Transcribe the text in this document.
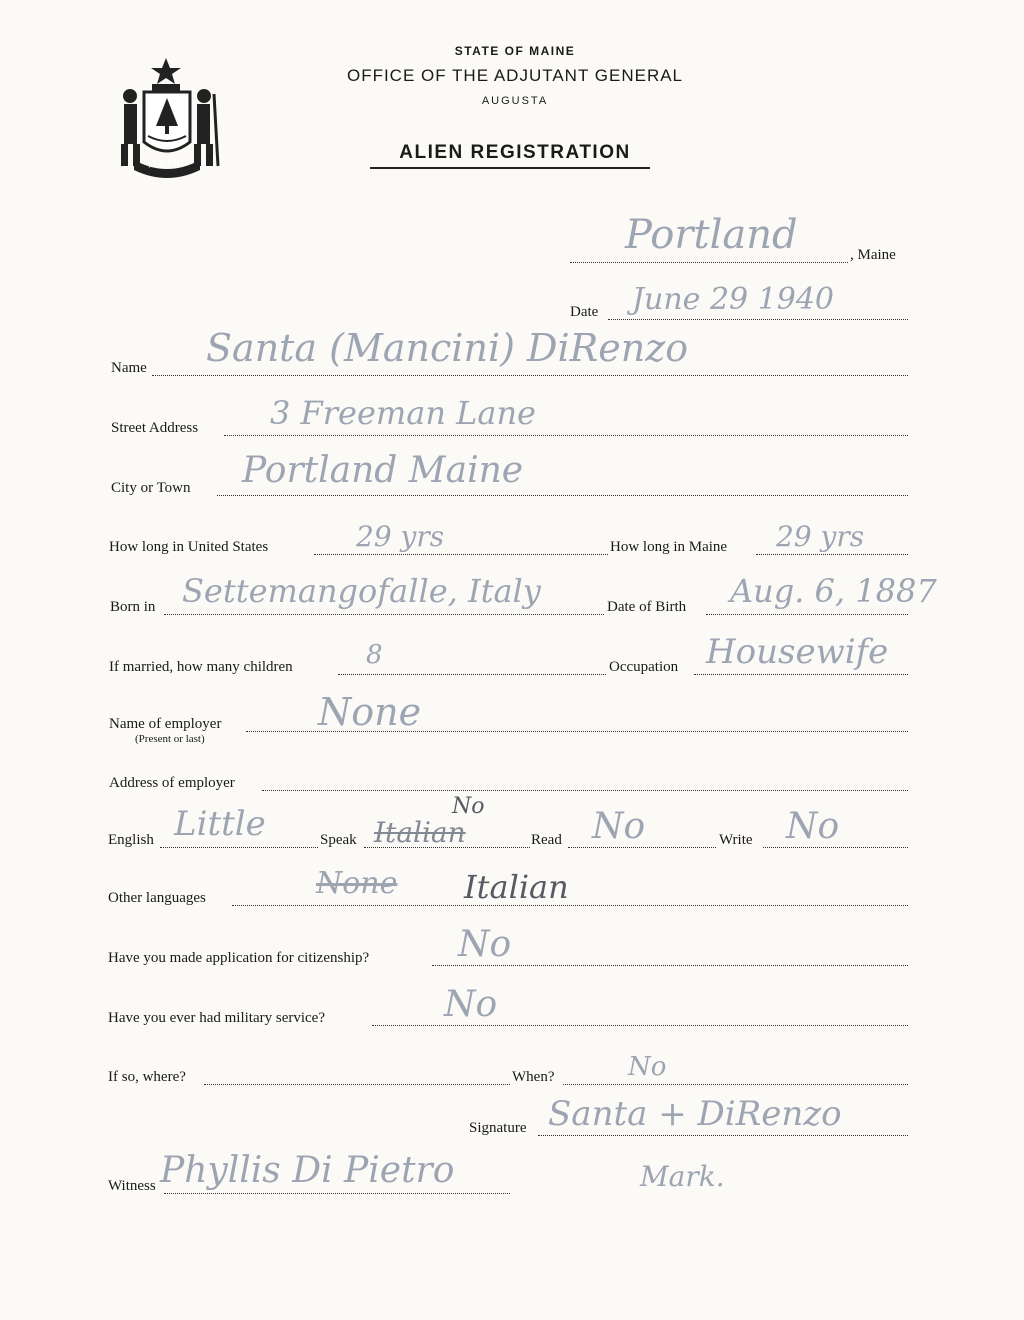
MAINE
STATE OF MAINE
OFFICE OF THE ADJUTANT GENERAL
AUGUSTA
ALIEN REGISTRATION
Portland	, Maine
Date June 29 1940
Name Santa (Mancini) DiRenzo
Street Address 3 Freeman Lane
City or Town Portland Maine
How long in United States	29 yrs	How long in Maine 29 yrs
Born in Settemangofalle, Italy	Date of Birth Aug. 6, 1887
If married, how many children	8	Occupation Housewife
Name of employer
(Present or last)
None
Address of employer
English Little	Speak Italian
No
Read No	Write No
Other languages	None Italian
Have you made application for citizenship? No
Have you ever had military service?	No
If so, where?	When?	No
Signature Santa + DiRenzo
Mark.
Witness Phyllis Di Pietro
